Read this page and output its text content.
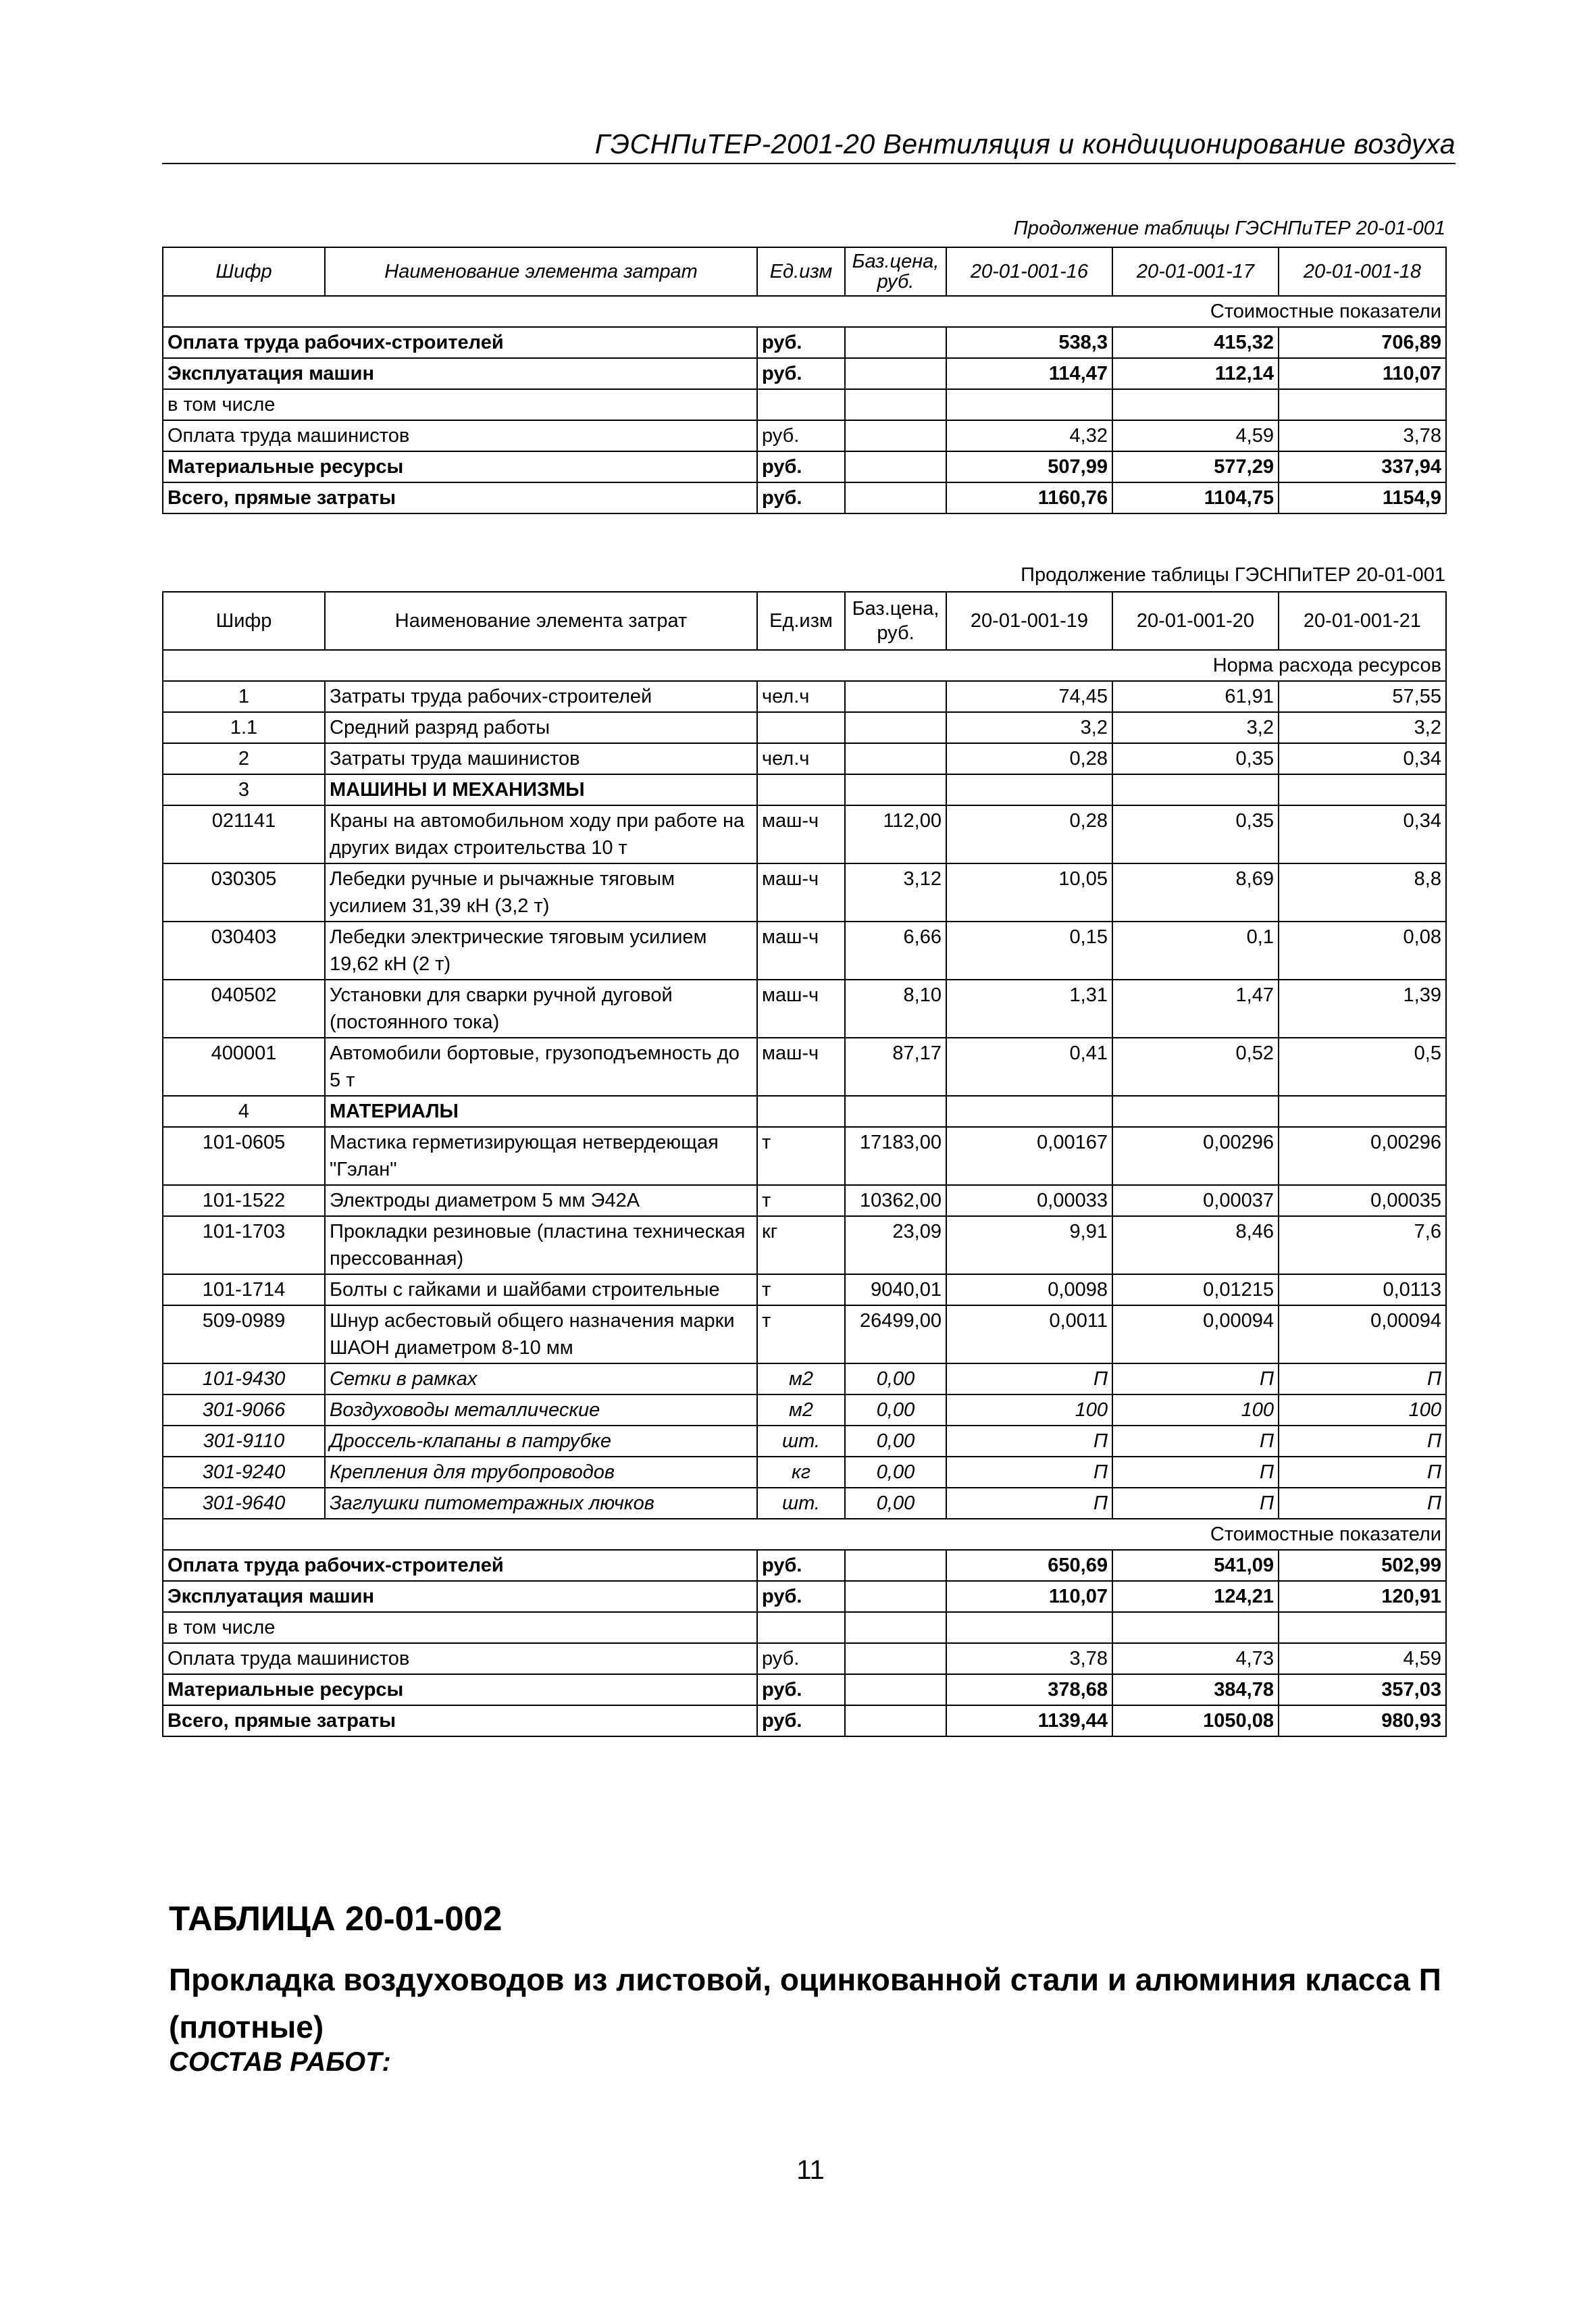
ГЭСНПиТЕР-2001-20 Вентиляция и кондиционирование воздуха
Продолжение таблицы ГЭСНПиТЕР 20-01-001
Шифр	Наименование элемента затрат	Ед.изм	Баз.цена, руб.	20-01-001-16	20-01-001-17	20-01-001-18
Стоимостные показатели						
Оплата труда рабочих-строителей		руб.		538,3	415,32	706,89
Эксплуатация машин		руб.		114,47	112,14	110,07
в том числе						
Оплата труда машинистов		руб.		4,32	4,59	3,78
Материальные ресурсы		руб.		507,99	577,29	337,94
Всего, прямые затраты		руб.		1160,76	1104,75	1154,9
Продолжение таблицы ГЭСНПиТЕР 20-01-001
Шифр	Наименование элемента затрат	Ед.изм	Баз.цена, руб.	20-01-001-19	20-01-001-20	20-01-001-21
Норма расхода ресурсов						
1	Затраты труда рабочих-строителей	чел.ч		74,45	61,91	57,55
1.1	Средний разряд работы			3,2	3,2	3,2
2	Затраты труда машинистов	чел.ч		0,28	0,35	0,34
3	МАШИНЫ И МЕХАНИЗМЫ					
021141	Краны на автомобильном ходу при работе на других видах строительства 10 т	маш-ч	112,00	0,28	0,35	0,34
030305	Лебедки ручные и рычажные тяговым усилием 31,39 кН (3,2 т)	маш-ч	3,12	10,05	8,69	8,8
030403	Лебедки электрические тяговым усилием 19,62 кН (2 т)	маш-ч	6,66	0,15	0,1	0,08
040502	Установки для сварки ручной дуговой (постоянного тока)	маш-ч	8,10	1,31	1,47	1,39
400001	Автомобили бортовые, грузоподъемность до 5 т	маш-ч	87,17	0,41	0,52	0,5
4	МАТЕРИАЛЫ					
101-0605	Мастика герметизирующая нетвердеющая "Гэлан"	т	17183,00	0,00167	0,00296	0,00296
101-1522	Электроды диаметром 5 мм Э42А	т	10362,00	0,00033	0,00037	0,00035
101-1703	Прокладки резиновые (пластина техническая прессованная)	кг	23,09	9,91	8,46	7,6
101-1714	Болты с гайками и шайбами строительные	т	9040,01	0,0098	0,01215	0,0113
509-0989	Шнур асбестовый общего назначения марки ШАОН диаметром 8-10 мм	т	26499,00	0,0011	0,00094	0,00094
101-9430	Сетки в рамках	м2	0,00	П	П	П
301-9066	Воздуховоды металлические	м2	0,00	100	100	100
301-9110	Дроссель-клапаны в патрубке	шт.	0,00	П	П	П
301-9240	Крепления для трубопроводов	кг	0,00	П	П	П
301-9640	Заглушки питометражных лючков	шт.	0,00	П	П	П
Стоимостные показатели						
Оплата труда рабочих-строителей		руб.		650,69	541,09	502,99
Эксплуатация машин		руб.		110,07	124,21	120,91
в том числе						
Оплата труда машинистов		руб.		3,78	4,73	4,59
Материальные ресурсы		руб.		378,68	384,78	357,03
Всего, прямые затраты		руб.		1139,44	1050,08	980,93
ТАБЛИЦА 20-01-002
Прокладка воздуховодов из листовой, оцинкованной стали и алюминия класса П (плотные)
СОСТАВ РАБОТ:
11
